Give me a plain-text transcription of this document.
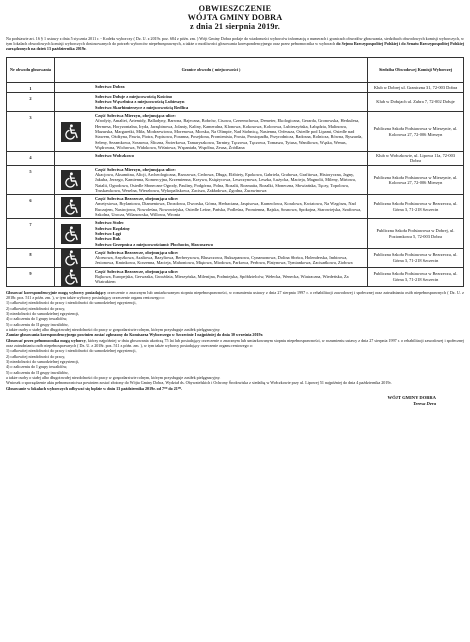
OBWIESZCZENIE
WÓJTA GMINY DOBRA
z dnia 21 sierpnia 2019r.
Na podstawie art. 16 § 1 ustawy z dnia 5 stycznia 2011 r. - Kodeks wyborczy ( Dz. U. z 2019r. poz. 684 z późn. zm. ) Wójt Gminy Dobra podaje do wiadomości wyborców informację o numerach i granicach obwodów głosowania, siedzibach obwodowych komisji wyborczych, w tym lokalach obwodowych komisji wyborczych dostosowanych do potrzeb wyborców niepełnosprawnych, a także o możliwości głosowania korespondencyjnego oraz przez pełnomocnika w wyborach do Sejmu Rzeczypospolitej Polskiej i do Senatu Rzeczypospolitej Polskiej zarządzonych na dzień 13 października 2019r.
Nr obwodu głosowania	Granice obwodu ( miejscowości )	Siedziba Obwodowej Komisji Wyborczej
1	Sołectwo Dobra	Klub w Dobrej ul. Graniczna 31, 72-003 Dobra
2	Sołectwo Dołuje z miejscowością Kościno
Sołectwo Wąwelnica z miejscowością Lubieszyn
Sołectwo Skarbimierzyce z miejscowością Redlica	Klub w Dołujach ul. Zubra 7, 72-002 Dołuje
3	Część Sołectwa Mierzyn, obejmująca ulice:
Afrodyty, Amaltei, Artemidy, Balladyny, Barwna, Bajeczna, Bobrów, Cisowa, Czeremchowa, Demeter, Ekologiczna, Gerarda, Gronowska, Herkulesa, Hermesa, Horyzontalna, Iryda, Jarzębinowa, Jolanty, Kaliny, Kameralna, Klonowa, Kokosowa, Kolorowa, Lubieszyńska, Łabędzia, Malinowa, Mazurska, Margaretki, Miła, Modrzewiowa, Morenowa, Morska, Na Olimpie, Nad Stobnicą, Nasienna, Orfeusza, Osiedle pod Lipami, Osiedle nad Stawem, Ożdżyna, Pawia, Piotra, Popisowa, Porannа, Posejdona, Promienista, Prosta, Prostopadła, Przyrodnicza, Radosna, Rolnicza, Równa, Ryszarda, Seleny, Sezamkowa, Sosnowa, Śliczna, Świerkowa, Tamaryszkowa, Tarniny, Tęczowa, Tęczowa, Tomasza, Tytusa, Waniliowa, Wąska, Wenus, Wędrowna, Wichrowa, Widokowa, Wiśniowa, Wspaniała, Wspólna, Zeusa, Żródlana	Publiczna Szkoła Podstawowa w Mierzynie, ul. Kolorowa 27, 72-006 Mierzyn
4	Sołectwo Wołczkowo	Klub w Wołczkowie, ul. Lipowa 11a, 72-003 Dobra
5	Część Sołectwa Mierzyn, obejmująca ulice:
Akacjowa, Aksamitna, Alicji, Archeologiczna, Brzozowa, Cedrowa, Długa, Elżbiety, Epokowa, Gabriela, Grabowa, Grafitowa, Historyczna, Jagny, Jakuba, Jerzego, Kamienna, Komercyjna, Krzemienna, Krzywa, Księżycowa, Leszczynowa, Leszka, Łużycka, Macieja, Magnolii, Mileny, Mirtowa, Natalii, Ogrodowa, Osiedle Słoneczne Ogrody, Pauliny, Podgórna, Polna, Rozalii, Rozmaita, Rozalki, Słoneczna, Słowiańska, Tęczy, Topolowa, Truskawkowa, Weselna, Wierzbowa, Wykopaliskowa, Zacisza, Zakładowa, Zgodna, Żurawinowa	Publiczna Szkoła Podstawowa w Mierzynie, ul. Kolorowa 27, 72-006 Mierzyn
6	Część Sołectwa Bezrzecze, obejmująca ulice:
Ametystowa, Brylantowa, Diamentowa, Drozdowa, Dworska, Górna, Herbaciana, Jaspisowa, Karneolowa, Koralowa, Kwiatowa, Na Wzgórzu, Nad Ruczajem, Nastrojowa, Nowoleśna, Nowowiejska, Osiedle Leśne, Pańska, Podleśna, Promienna, Rajska, Sosnowa, Spokojna, Starowiejska, Szafirowa, Szkolna, Urocza, Wilanowska, Willowa, Wronia	Publiczna Szkoła Podstawowa w Bezrzeczu, ul. Górna 3, 71-218 Szczecin
7	Sołectwo Stolec
Sołectwo Rzędziny
Sołectwo Łęgi
Sołectwo Buk
Sołectwo Grzepnica z miejscowościami: Płochocin, Sławoszewo	Publiczna Szkoła Podstawowa w Dobrej, ul. Poziomkowa 5, 72-003 Dobra
8	Część Sołectwa Bezrzecze, obejmująca ulice:
Aloesowa, Anyżkowa, Azaliowa, Bazyliowa, Berberysowa, Bluszczowa, Bukszpanowa, Cynamonowa, Dolina Słońca, Holenderska, Imbirowa, Jesionowa, Kminkowa, Korzenna, Macieja, Mahoniowa, Miętowa, Miodowa, Parkowa, Perłowa, Platynowa, Tymiankowa, Zacisańkowa, Ziołowa	Publiczna Szkoła Podstawowa w Bezrzeczu, ul. Górna 3, 71-218 Szczecin
9	Część Sołectwa Bezrzecze, obejmująca ulice:
Bajkowa, Europejska, Gerwazka, Gwoździa, Mierzyńska, Milenijna, Podmiejska, Spółdzielców, Wełecka, Wenecka, Wiatraczna, Wiedeńska, Za Wiatrakiem	Publiczna Szkoła Podstawowa w Bezrzeczu, ul. Górna 3, 71-218 Szczecin

Głosować korespondencyjnie mogą wyborcy posiadający orzeczenie o znacznym lub umiarkowanym stopniu niepełnosprawności, w rozumieniu ustawy z dnia 27 sierpnia 1997 r. o rehabilitacji zawodowej i społecznej oraz zatrudnianiu osób niepełnosprawnych ( Dz. U. z 2018r. poz. 511 z późn. zm. ), w tym także wyborcy posiadający orzeczenie organu rentowego o:

1) całkowitej niezdolności do pracy i niezdolności do samodzielnej egzystencji,

2) całkowitej niezdolności do pracy,

3) niezdolności do samodzielnej egzystencji,

4) o zaliczeniu do I grupy inwalidów,

5) o zaliczeniu do II grupy inwalidów,

a także osoby o stałej albo długotrwałej niezdolności do pracy w gospodarstwie rolnym, którym przysługuje zasiłek pielęgnacyjny.

Zamiar głosowania korespondencyjnego powinien zostać zgłoszony do Komisarza Wyborczego w Szczecinie I najpóźniej do dnia 30 września 2019r.

Głosować przez pełnomocnika mogą wyborcy, którzy najpóźniej w dniu głosowania ukończą 75 lat lub posiadający orzeczenie o znacznym lub umiarkowanym stopniu niepełnosprawności, w rozumieniu ustawy z dnia 27 sierpnia 1997 r. o rehabilitacji zawodowej i społecznej oraz zatrudnianiu osób niepełnosprawnych ( Dz. U. z 2018r. poz. 511 z późn. zm. ), w tym także wyborcy posiadający orzeczenie organu rentowego o:

1) całkowitej niezdolności do pracy i niezdolności do samodzielnej egzystencji,

2) całkowitej niezdolności do pracy,

3) niezdolności do samodzielnej egzystencji,

4) o zaliczeniu do I grupy inwalidów,

5) o zaliczeniu do II grupy inwalidów,

a także osoby o stałej albo długotrwałej niezdolności do pracy w gospodarstwie rolnym, którym przysługuje zasiłek pielęgnacyjny.

Wniosek o sporządzenie aktu pełnomocnictwa powinien zostać złożony do Wójta Gminy Dobra, Wydział ds. Obywatelskich i Ochrony Środowiska z siedzibą w Wołczkowie przy ul. Lipowej 51 najpóźniej do dnia 4 października 2019r.

Głosowanie w lokalach wyborczych odbywać się będzie w dniu 13 października 2019r. od 7⁰⁰ do 21⁰⁰.

WÓJT GMINY DOBRA
Teresa Dera
